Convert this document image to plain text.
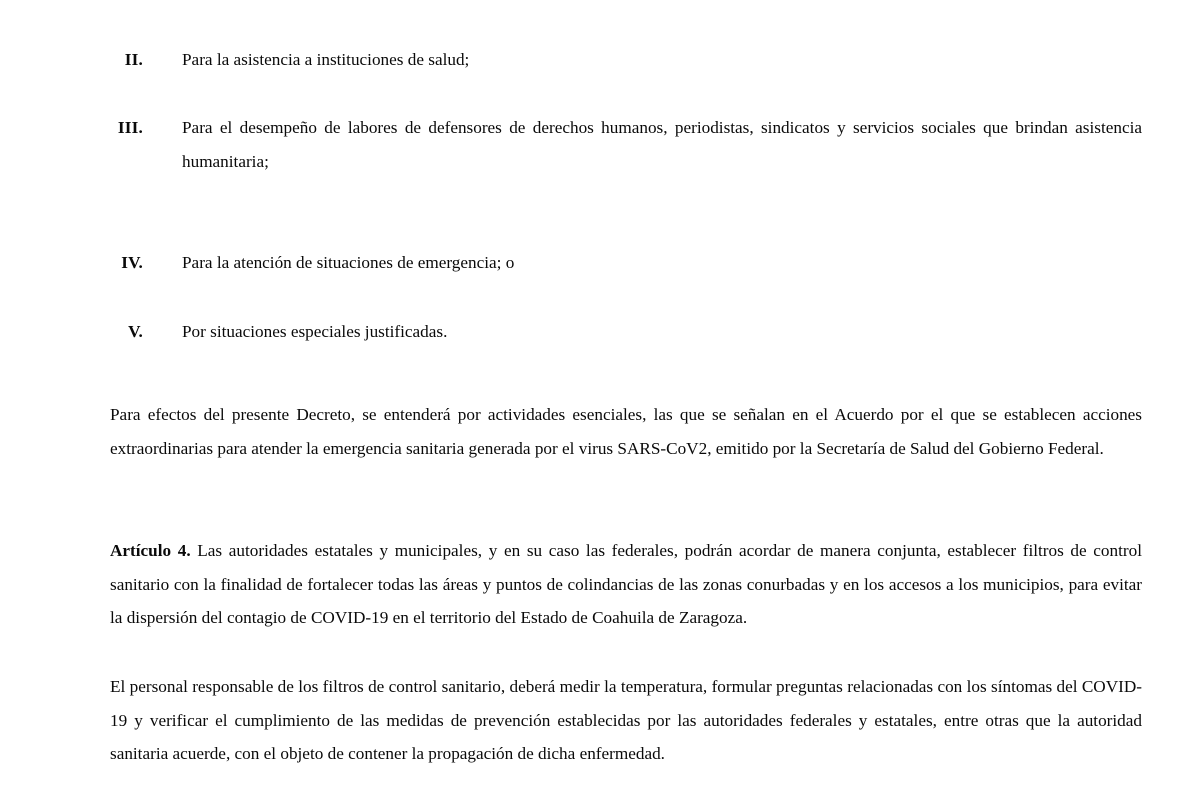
II. Para la asistencia a instituciones de salud;
III. Para el desempeño de labores de defensores de derechos humanos, periodistas, sindicatos y servicios sociales que brindan asistencia humanitaria;
IV. Para la atención de situaciones de emergencia; o
V. Por situaciones especiales justificadas.

Para efectos del presente Decreto, se entenderá por actividades esenciales, las que se señalan en el Acuerdo por el que se establecen acciones extraordinarias para atender la emergencia sanitaria generada por el virus SARS-CoV2, emitido por la Secretaría de Salud del Gobierno Federal.

Artículo 4. Las autoridades estatales y municipales, y en su caso las federales, podrán acordar de manera conjunta, establecer filtros de control sanitario con la finalidad de fortalecer todas las áreas y puntos de colindancias de las zonas conurbadas y en los accesos a los municipios, para evitar la dispersión del contagio de COVID-19 en el territorio del Estado de Coahuila de Zaragoza.

El personal responsable de los filtros de control sanitario, deberá medir la temperatura, formular preguntas relacionadas con los síntomas del COVID-19 y verificar el cumplimiento de las medidas de prevención establecidas por las autoridades federales y estatales, entre otras que la autoridad sanitaria acuerde, con el objeto de contener la propagación de dicha enfermedad.
